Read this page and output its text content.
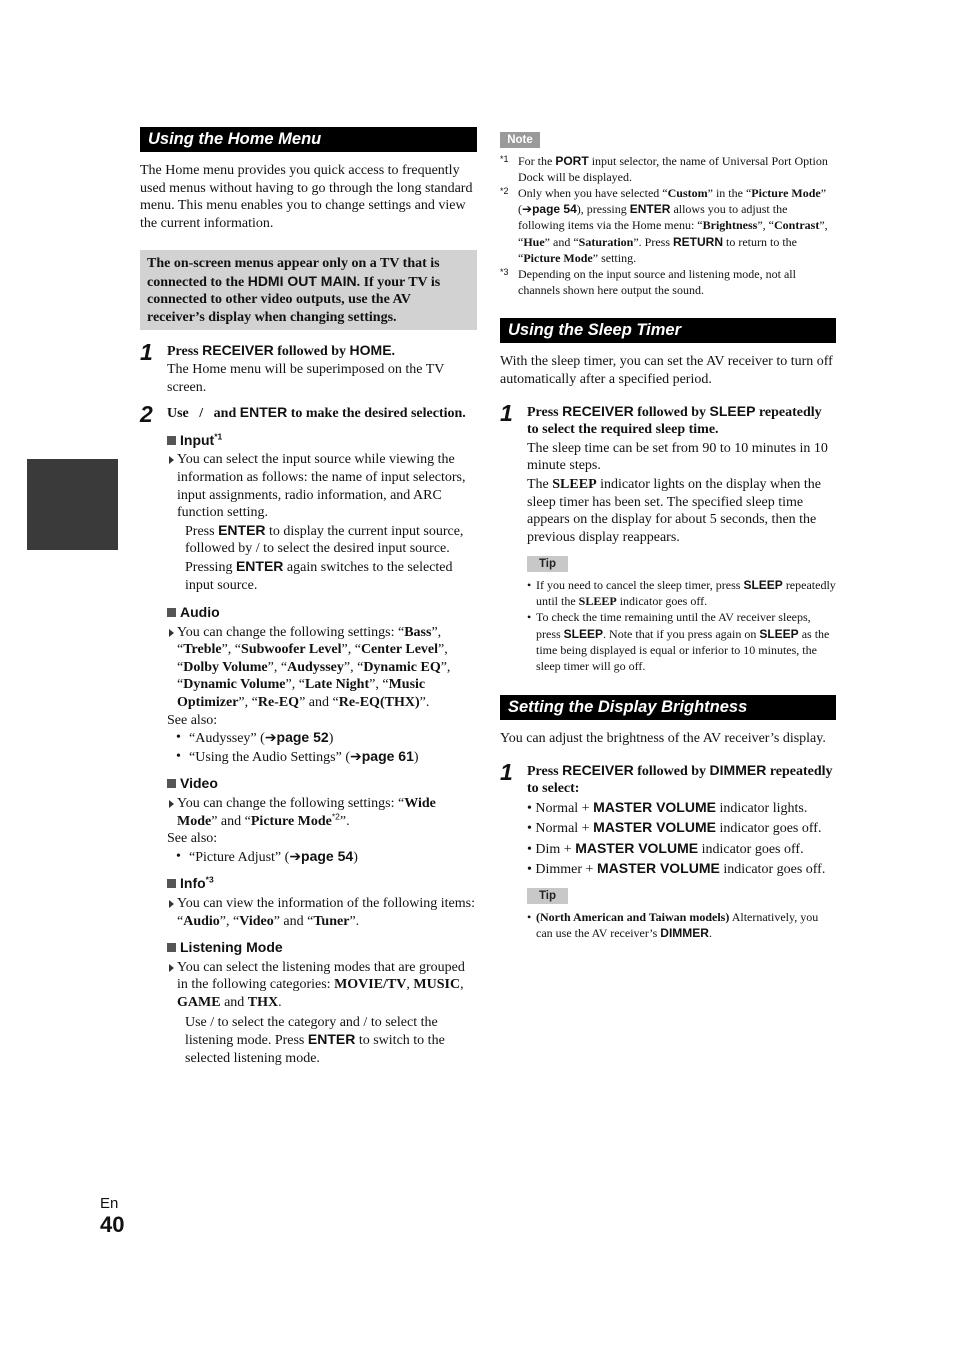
Using the Home Menu

The Home menu provides you quick access to frequently used menus without having to go through the long standard menu. This menu enables you to change settings and view the current information.

The on-screen menus appear only on a TV that is connected to the HDMI OUT MAIN. If your TV is connected to other video outputs, use the AV receiver’s display when changing settings.
1 Press RECEIVER followed by HOME.

The Home menu will be superimposed on the TV screen.

2 Use   /   and ENTER to make the desired selection.

Input$^{*1}$
You can select the input source while viewing the information as follows: the name of input selectors, input assignments, radio information, and ARC function setting.

Press ENTER to display the current input source, followed by / to select the desired input source. Pressing ENTER again switches to the selected input source.

Audio
You can change the following settings: “Bass”, “Treble”, “Subwoofer Level”, “Center Level”, “Dolby Volume”, “Audyssey”, “Dynamic EQ”, “Dynamic Volume”, “Late Night”, “Music Optimizer”, “Re-EQ” and “Re-EQ(THX)”.

See also:

• “Audyssey” (➔page 52)
• “Using the Audio Settings” (➔page 61)
Video
You can change the following settings: “Wide Mode” and “Picture Mode$^{*2}$”.

See also:

• “Picture Adjust” (➔page 54)
Info$^{*3}$
You can view the information of the following items: “Audio”, “Video” and “Tuner”.
Listening Mode
You can select the listening modes that are grouped in the following categories: MOVIE/TV, MUSIC, GAME and THX.

Use / to select the category and / to select the listening mode. Press ENTER to switch to the selected listening mode.

Note
*1 For the PORT input selector, the name of Universal Port Option Dock will be displayed.
*2 Only when you have selected “Custom” in the “Picture Mode” (➔page 54), pressing ENTER allows you to adjust the following items via the Home menu: “Brightness”, “Contrast”, “Hue” and “Saturation”. Press RETURN to return to the “Picture Mode” setting.
*3 Depending on the input source and listening mode, not all channels shown here output the sound.
Using the Sleep Timer

With the sleep timer, you can set the AV receiver to turn off automatically after a specified period.

1 Press RECEIVER followed by SLEEP repeatedly to select the required sleep time.

The sleep time can be set from 90 to 10 minutes in 10 minute steps.

The SLEEP indicator lights on the display when the sleep timer has been set. The specified sleep time appears on the display for about 5 seconds, then the previous display reappears.

Tip
• If you need to cancel the sleep timer, press SLEEP repeatedly until the SLEEP indicator goes off.
• To check the time remaining until the AV receiver sleeps, press SLEEP. Note that if you press again on SLEEP as the time being displayed is equal or inferior to 10 minutes, the sleep timer will go off.
Setting the Display Brightness

You can adjust the brightness of the AV receiver’s display.

1 Press RECEIVER followed by DIMMER repeatedly to select:

• Normal + MASTER VOLUME indicator lights.
• Normal + MASTER VOLUME indicator goes off.
• Dim + MASTER VOLUME indicator goes off.
• Dimmer + MASTER VOLUME indicator goes off.
Tip
• (North American and Taiwan models) Alternatively, you can use the AV receiver’s DIMMER.
En
40
